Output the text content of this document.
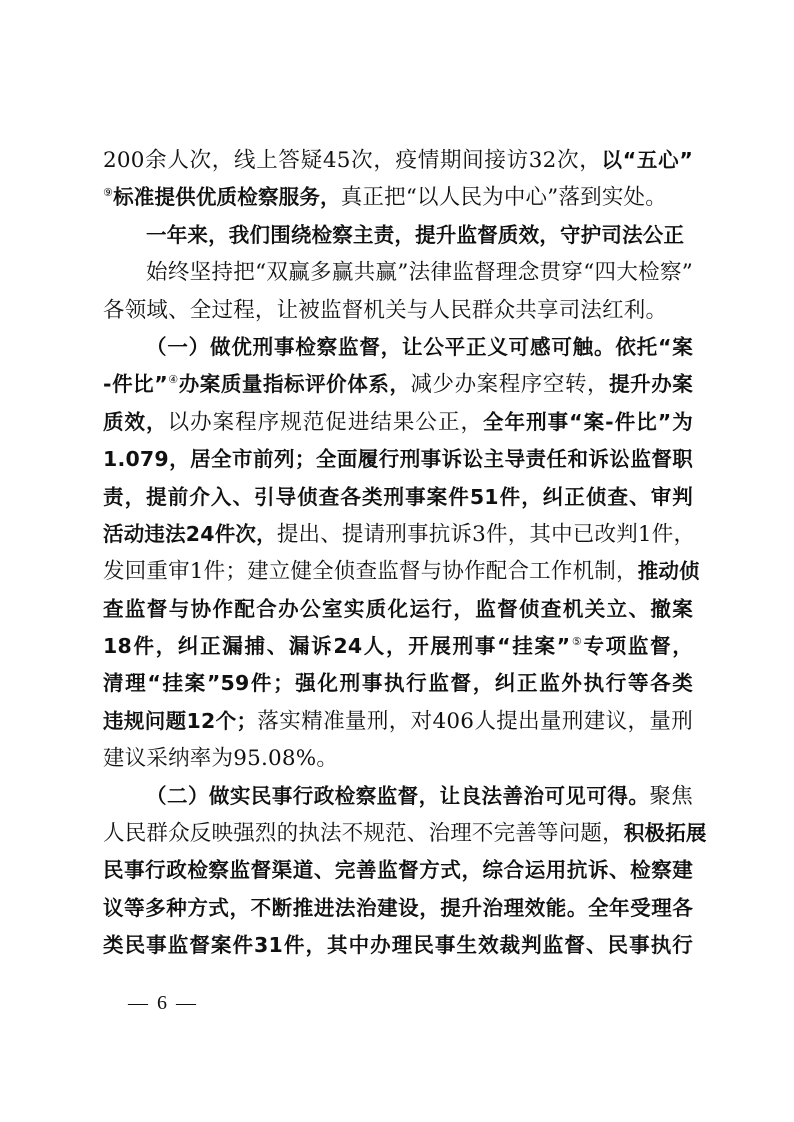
200余人次，线上答疑45次，疫情期间接访32次，以“五心”
⑨标准提供优质检察服务，真正把“以人民为中心”落到实处。
一年来，我们围绕检察主责，提升监督质效，守护司法公正
始终坚持把“双赢多赢共赢”法律监督理念贯穿“四大检察”
各领域、全过程，让被监督机关与人民群众共享司法红利。
（一）做优刑事检察监督，让公平正义可感可触。依托“案
-件比”④办案质量指标评价体系，减少办案程序空转，提升办案
质效，以办案程序规范促进结果公正，全年刑事“案-件比”为
1.079，居全市前列；全面履行刑事诉讼主导责任和诉讼监督职
责，提前介入、引导侦查各类刑事案件51件，纠正侦查、审判
活动违法24件次，提出、提请刑事抗诉3件，其中已改判1件，
发回重审1件；建立健全侦查监督与协作配合工作机制，推动侦
查监督与协作配合办公室实质化运行，监督侦查机关立、撤案
18件，纠正漏捕、漏诉24人，开展刑事“挂案”⑤专项监督，
清理“挂案”59件；强化刑事执行监督，纠正监外执行等各类
违规问题12个；落实精准量刑，对406人提出量刑建议，量刑
建议采纳率为95.08%。
（二）做实民事行政检察监督，让良法善治可见可得。聚焦
人民群众反映强烈的执法不规范、治理不完善等问题，积极拓展
民事行政检察监督渠道、完善监督方式，综合运用抗诉、检察建
议等多种方式，不断推进法治建设，提升治理效能。全年受理各
类民事监督案件31件，其中办理民事生效裁判监督、民事执行
— 6 —
